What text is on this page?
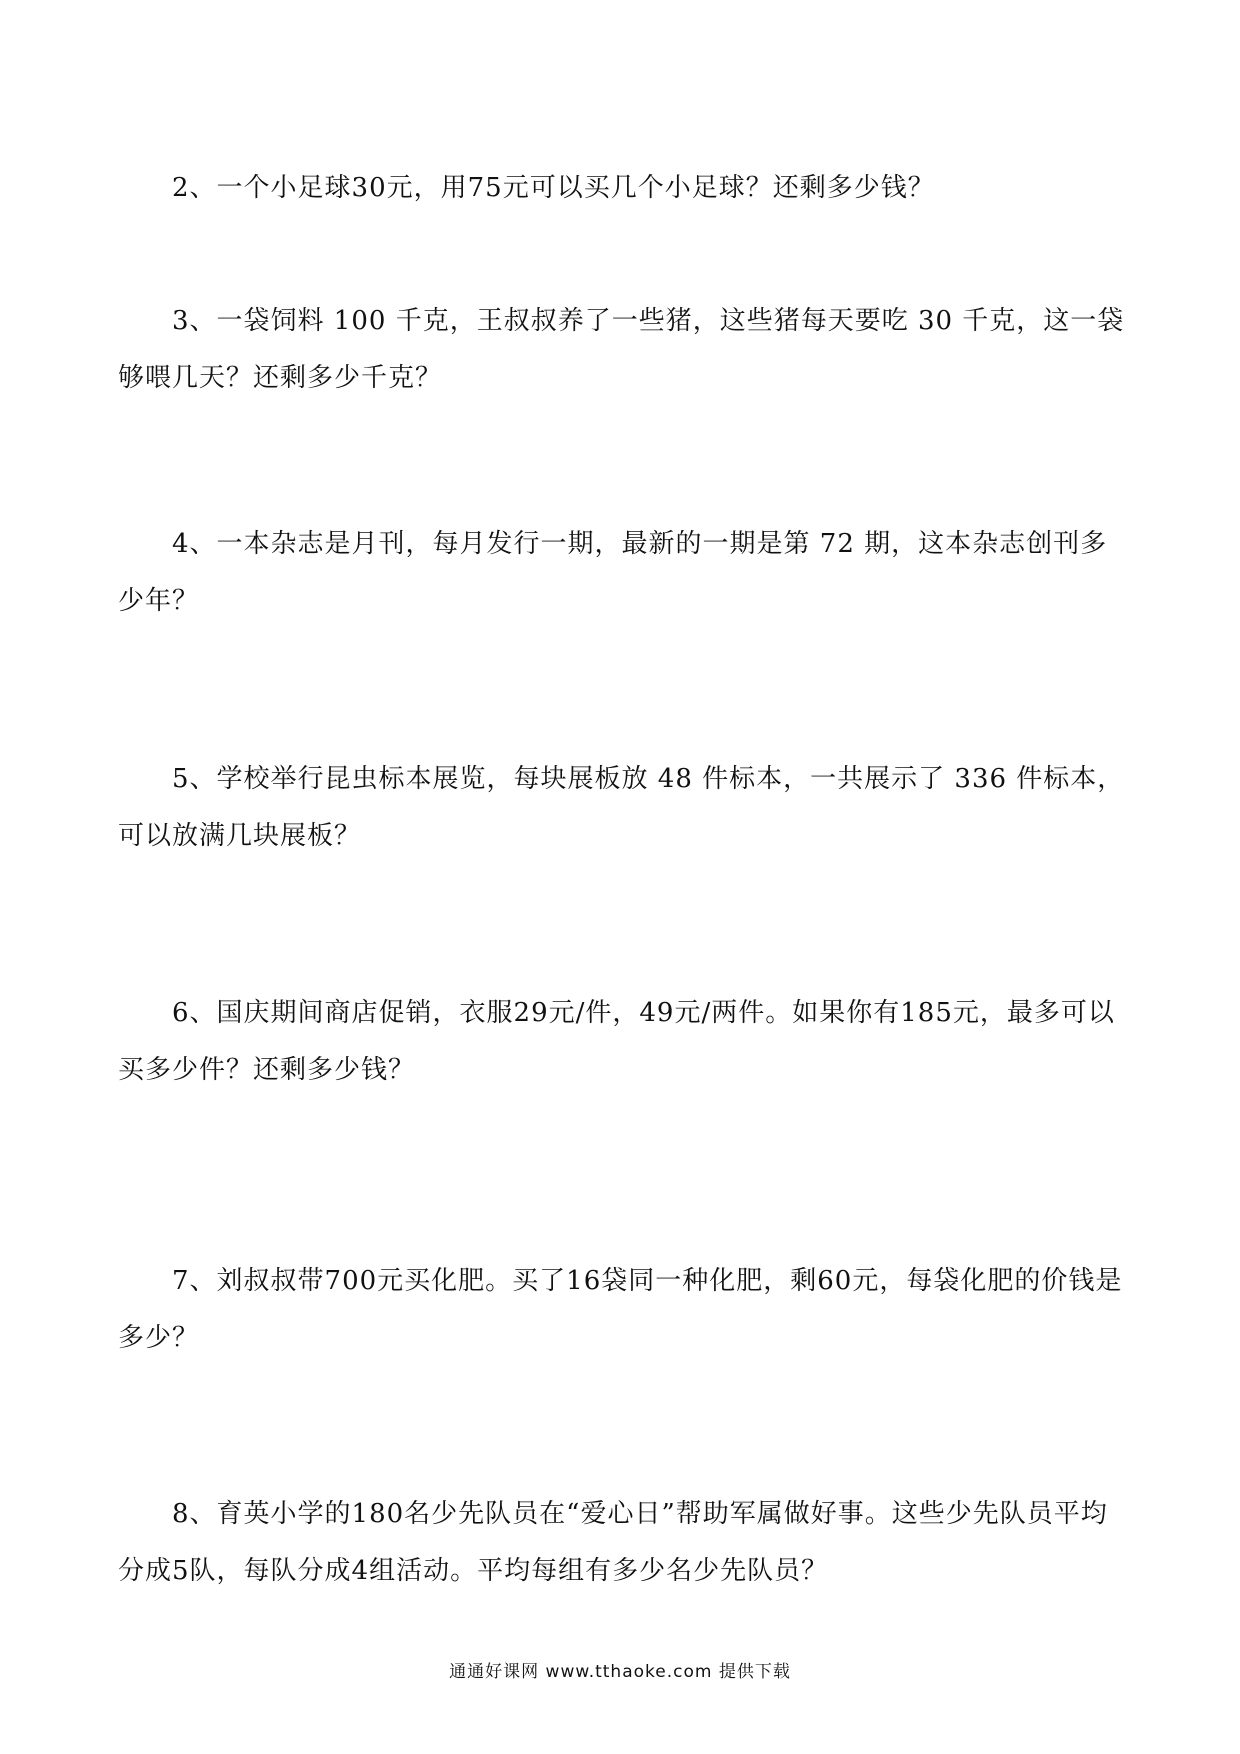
2、一个小足球30元，用75元可以买几个小足球？还剩多少钱？

3、一袋饲料 100 千克，王叔叔养了一些猪，这些猪每天要吃 30 千克，这一袋够喂几天？还剩多少千克？

4、一本杂志是月刊，每月发行一期，最新的一期是第 72 期，这本杂志创刊多少年？

5、学校举行昆虫标本展览，每块展板放 48 件标本，一共展示了 336 件标本，可以放满几块展板？

6、国庆期间商店促销，衣服29元/件，49元/两件。如果你有185元，最多可以买多少件？还剩多少钱？

7、刘叔叔带700元买化肥。买了16袋同一种化肥，剩60元，每袋化肥的价钱是多少？

8、育英小学的180名少先队员在“爱心日”帮助军属做好事。这些少先队员平均分成5队，每队分成4组活动。平均每组有多少名少先队员？

通通好课网 www.tthaoke.com 提供下载
